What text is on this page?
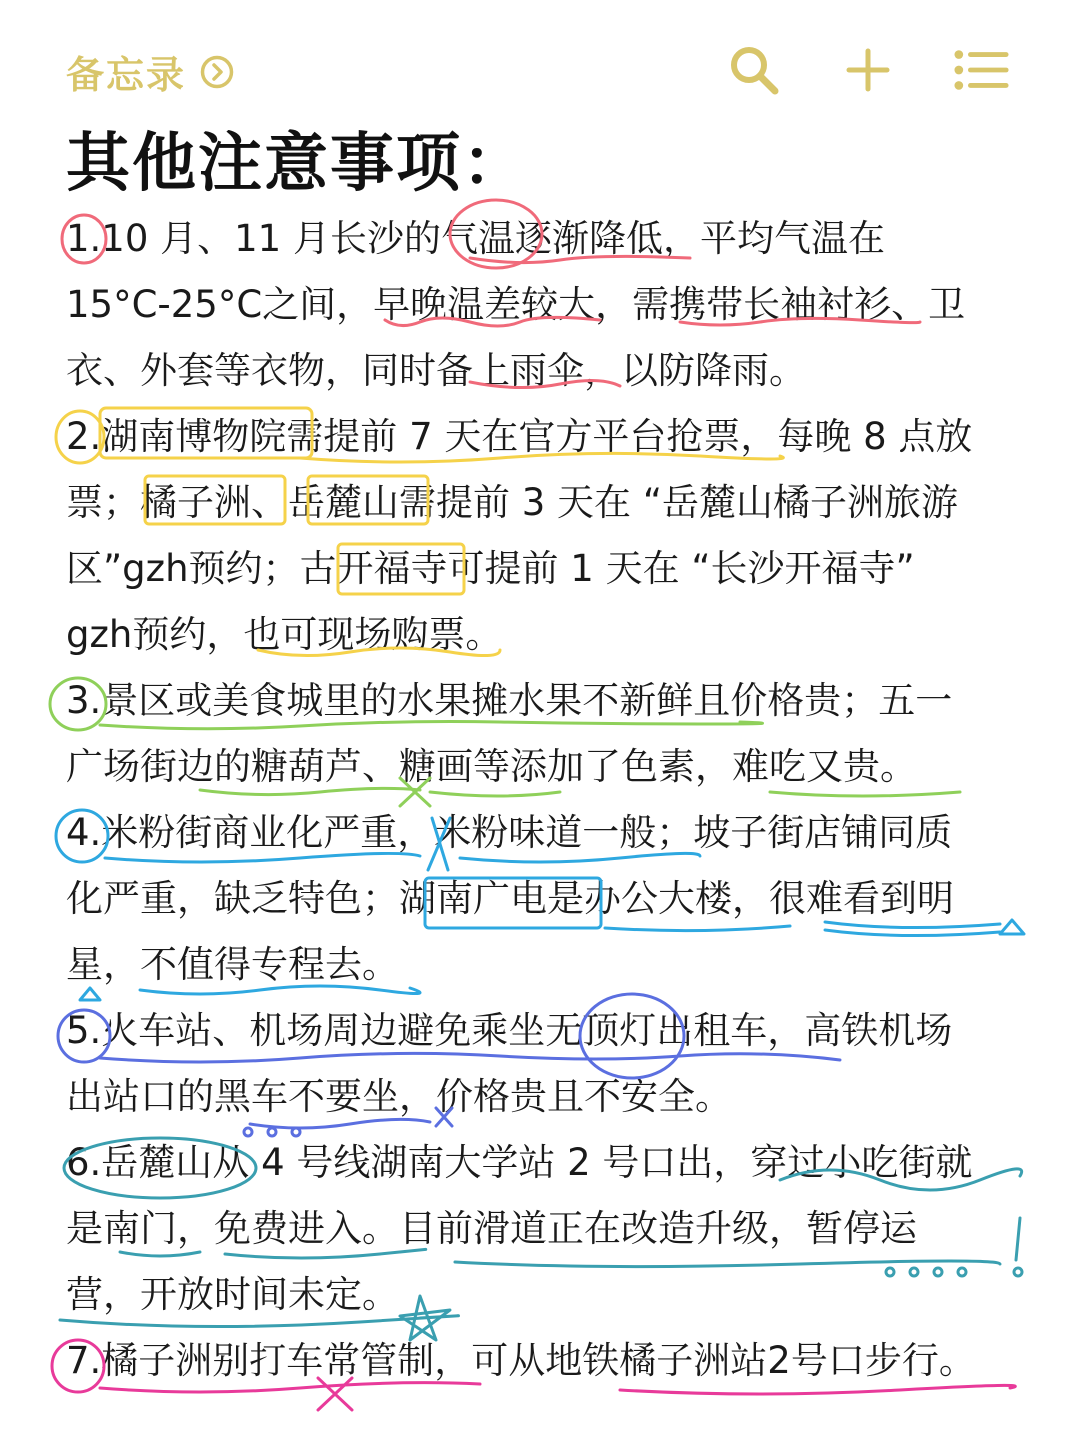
备忘录
其他注意事项：
1.10 月、11 月长沙的气温逐渐降低，平均气温在
15°C-25°C之间，早晚温差较大，需携带长袖衬衫、卫
衣、外套等衣物，同时备上雨伞，以防降雨。
2.湖南博物院需提前 7 天在官方平台抢票，每晚 8 点放
票；橘子洲、岳麓山需提前 3 天在 “岳麓山橘子洲旅游
区”gzh预约；古开福寺可提前 1 天在 “长沙开福寺”
gzh预约，也可现场购票。
3.景区或美食城里的水果摊水果不新鲜且价格贵；五一
广场街边的糖葫芦、糖画等添加了色素，难吃又贵。
4.米粉街商业化严重，米粉味道一般；坡子街店铺同质
化严重，缺乏特色；湖南广电是办公大楼，很难看到明
星，不值得专程去。
5.火车站、机场周边避免乘坐无顶灯出租车，高铁机场
出站口的黑车不要坐，价格贵且不安全。
6.岳麓山从 4 号线湖南大学站 2 号口出，穿过小吃街就
是南门，免费进入。目前滑道正在改造升级，暂停运
营，开放时间未定。
7.橘子洲别打车常管制，可从地铁橘子洲站2号口步行。
